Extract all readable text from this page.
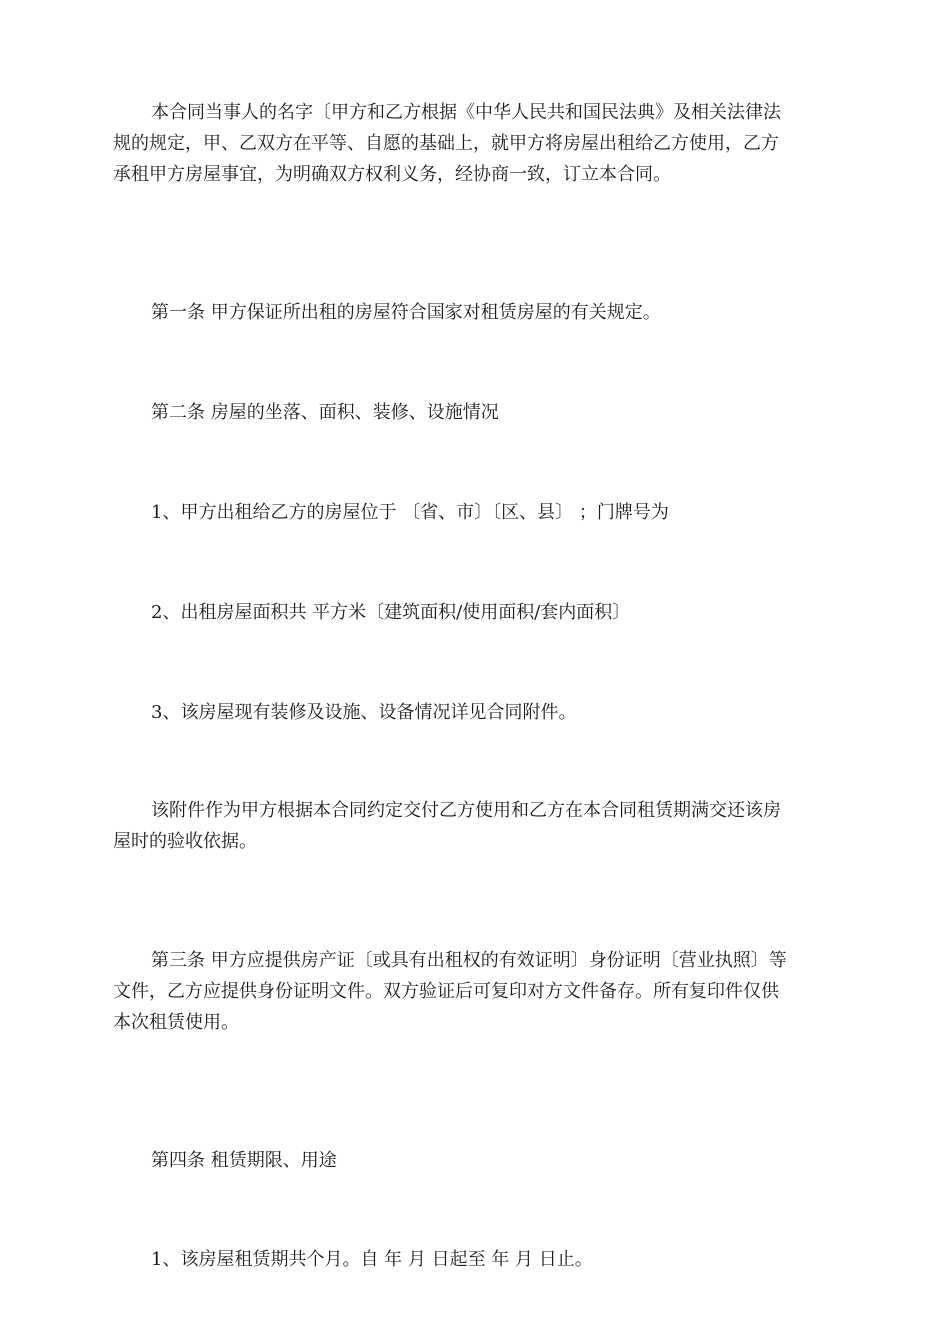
本合同当事人的名字〔甲方和乙方根据《中华人民共和国民法典》及相关法律法
规的规定，甲、乙双方在平等、自愿的基础上，就甲方将房屋出租给乙方使用，乙方
承租甲方房屋事宜，为明确双方权利义务，经协商一致，订立本合同。
第一条 甲方保证所出租的房屋符合国家对租赁房屋的有关规定。
第二条 房屋的坐落、面积、装修、设施情况
1、甲方出租给乙方的房屋位于 〔省、市〕〔区、县〕 ；门牌号为
2、出租房屋面积共 平方米〔建筑面积/使用面积/套内面积〕
3、该房屋现有装修及设施、设备情况详见合同附件。
该附件作为甲方根据本合同约定交付乙方使用和乙方在本合同租赁期满交还该房
屋时的验收依据。
第三条 甲方应提供房产证〔或具有出租权的有效证明〕身份证明〔营业执照〕等
文件，乙方应提供身份证明文件。双方验证后可复印对方文件备存。所有复印件仅供
本次租赁使用。
第四条 租赁期限、用途
1、该房屋租赁期共个月。自 年 月 日起至 年 月 日止。
